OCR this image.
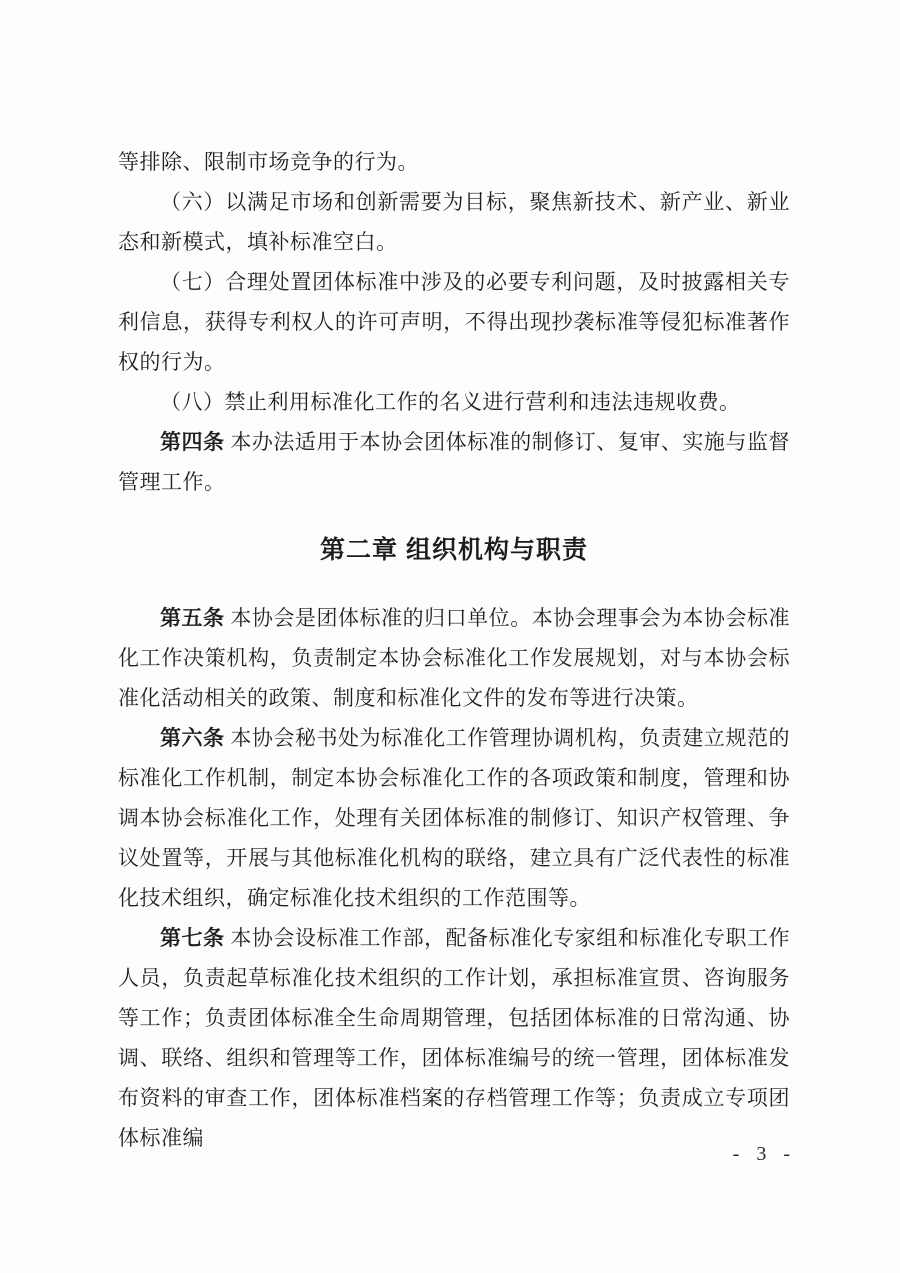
等排除、限制市场竞争的行为。

（六）以满足市场和创新需要为目标，聚焦新技术、新产业、新业态和新模式，填补标准空白。

（七）合理处置团体标准中涉及的必要专利问题，及时披露相关专利信息，获得专利权人的许可声明，不得出现抄袭标准等侵犯标准著作权的行为。

（八）禁止利用标准化工作的名义进行营利和违法违规收费。

第四条 本办法适用于本协会团体标准的制修订、复审、实施与监督管理工作。

第二章 组织机构与职责

第五条 本协会是团体标准的归口单位。本协会理事会为本协会标准化工作决策机构，负责制定本协会标准化工作发展规划，对与本协会标准化活动相关的政策、制度和标准化文件的发布等进行决策。

第六条 本协会秘书处为标准化工作管理协调机构，负责建立规范的标准化工作机制，制定本协会标准化工作的各项政策和制度，管理和协调本协会标准化工作，处理有关团体标准的制修订、知识产权管理、争议处置等，开展与其他标准化机构的联络，建立具有广泛代表性的标准化技术组织，确定标准化技术组织的工作范围等。

第七条 本协会设标准工作部，配备标准化专家组和标准化专职工作人员，负责起草标准化技术组织的工作计划，承担标准宣贯、咨询服务等工作；负责团体标准全生命周期管理，包括团体标准的日常沟通、协调、联络、组织和管理等工作，团体标准编号的统一管理，团体标准发布资料的审查工作，团体标准档案的存档管理工作等；负责成立专项团体标准编

- 3 -
